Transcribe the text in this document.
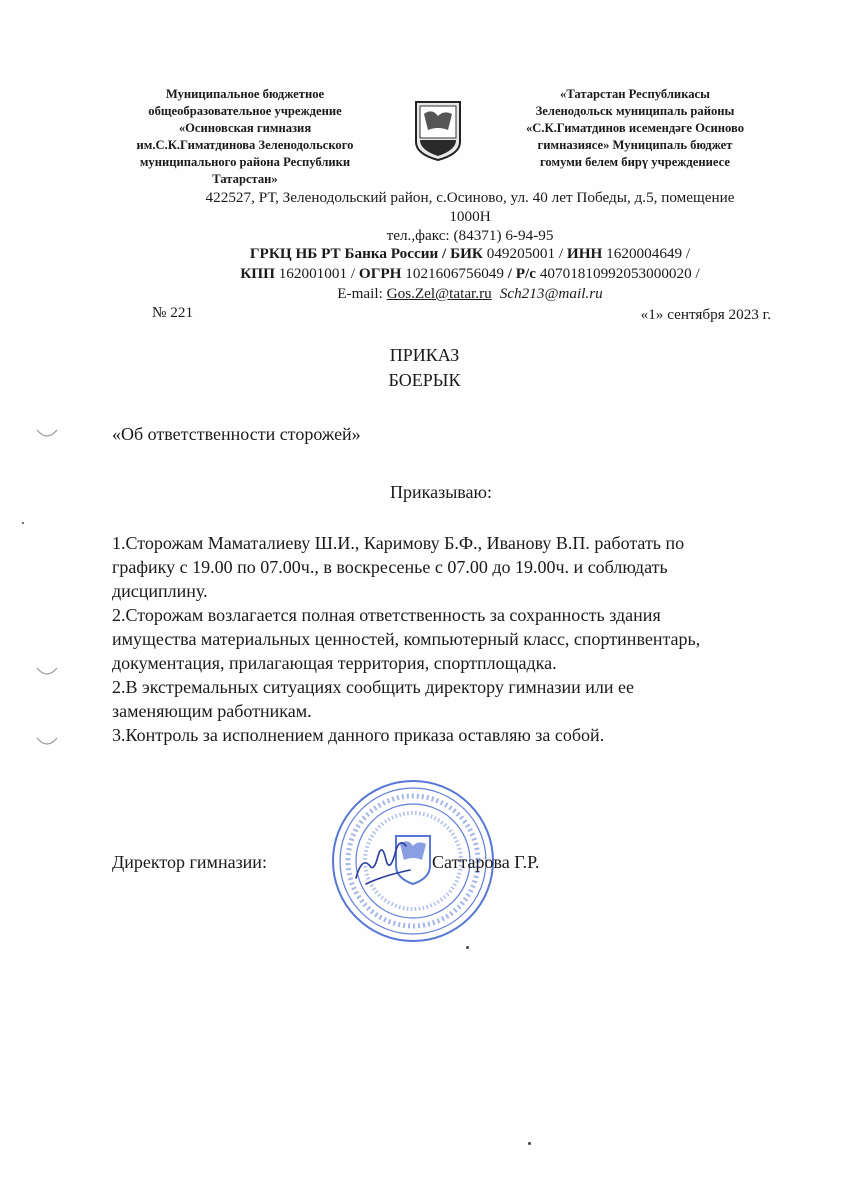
Муниципальное бюджетное

общеобразовательное учреждение

«Осиновская гимназия

им.С.К.Гиматдинова Зеленодольского

муниципального района Республики

Татарстан»

«Татарстан Республикасы

Зеленодольск муниципаль районы

«С.К.Гиматдинов исемендәге Осиново

гимназиясе» Муниципаль бюджет

гомуми белем бирү учреждениесе

422527, РТ, Зеленодольский район, с.Осиново, ул. 40 лет Победы, д.5, помещение
1000Н
тел.,факс: (84371) 6-94-95
ГРКЦ НБ РТ Банка России / БИК 049205001 / ИНН 1620004649 /
КПП 162001001 / ОГРН 1021606756049 / Р/с 40701810992053000020 /
E-mail: Gos.Zel@tatar.ru Sch213@mail.ru
№ 221	«1» сентября 2023 г.
ПРИКАЗ
БОЕРЫК
«Об ответственности сторожей»
Приказываю:

1.Сторожам Маматалиеву Ш.И., Каримову Б.Ф., Иванову В.П. работать по

графику с 19.00 по 07.00ч., в воскресенье с 07.00 до 19.00ч. и соблюдать

дисциплину.

2.Сторожам возлагается полная ответственность за сохранность здания

имущества материальных ценностей, компьютерный класс, спортинвентарь,

документация, прилагающая территория, спортплощадка.

2.В экстремальных ситуациях сообщить директору гимназии или ее

заменяющим работникам.

3.Контроль за исполнением данного приказа оставляю за собой.

Директор гимназии:	Саттарова Г.Р.
